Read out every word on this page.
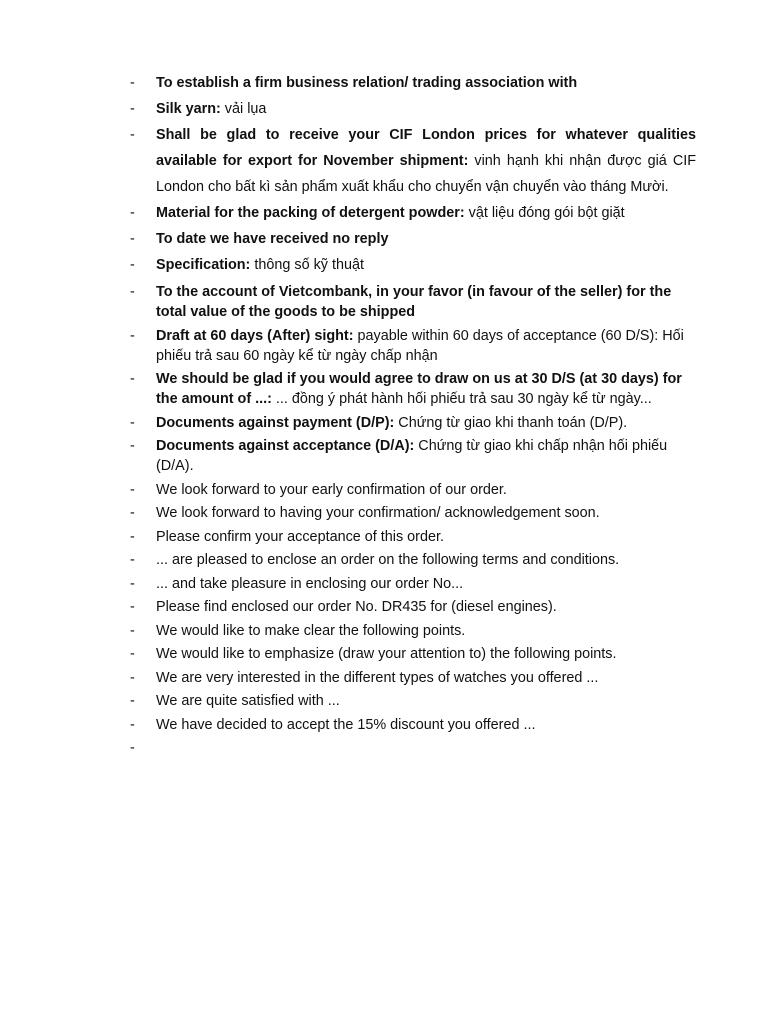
- To establish a firm business relation/ trading association with
- Silk yarn: vải lụa
- Shall be glad to receive your CIF London prices for whatever qualities available for export for November shipment: vinh hạnh khi nhận được giá CIF London cho bất kì sản phẩm xuất khẩu cho chuyển vận chuyển vào tháng Mười.
- Material for the packing of detergent powder: vật liệu đóng gói bột giặt
- To date we have received no reply
- Specification: thông số kỹ thuật
- To the account of Vietcombank, in your favor (in favour of the seller) for the total value of the goods to be shipped
- Draft at 60 days (After) sight: payable within 60 days of acceptance (60 D/S): Hối phiếu trả sau 60 ngày kể từ ngày chấp nhận
- We should be glad if you would agree to draw on us at 30 D/S (at 30 days) for the amount of ...: ... đồng ý phát hành hối phiếu trả sau 30 ngày kể từ ngày...
- Documents against payment (D/P): Chứng từ giao khi thanh toán (D/P).
- Documents against acceptance (D/A): Chứng từ giao khi chấp nhận hối phiếu (D/A).
- We look forward to your early confirmation of our order.
- We look forward to having your confirmation/ acknowledgement soon.
- Please confirm your acceptance of this order.
- ... are pleased to enclose an order on the following terms and conditions.
- ... and take pleasure in enclosing our order No...
- Please find enclosed our order No. DR435 for (diesel engines).
- We would like to make clear the following points.
- We would like to emphasize (draw your attention to) the following points.
- We are very interested in the different types of watches you offered ...
- We are quite satisfied with ...
- We have decided to accept the 15% discount you offered ...
-
